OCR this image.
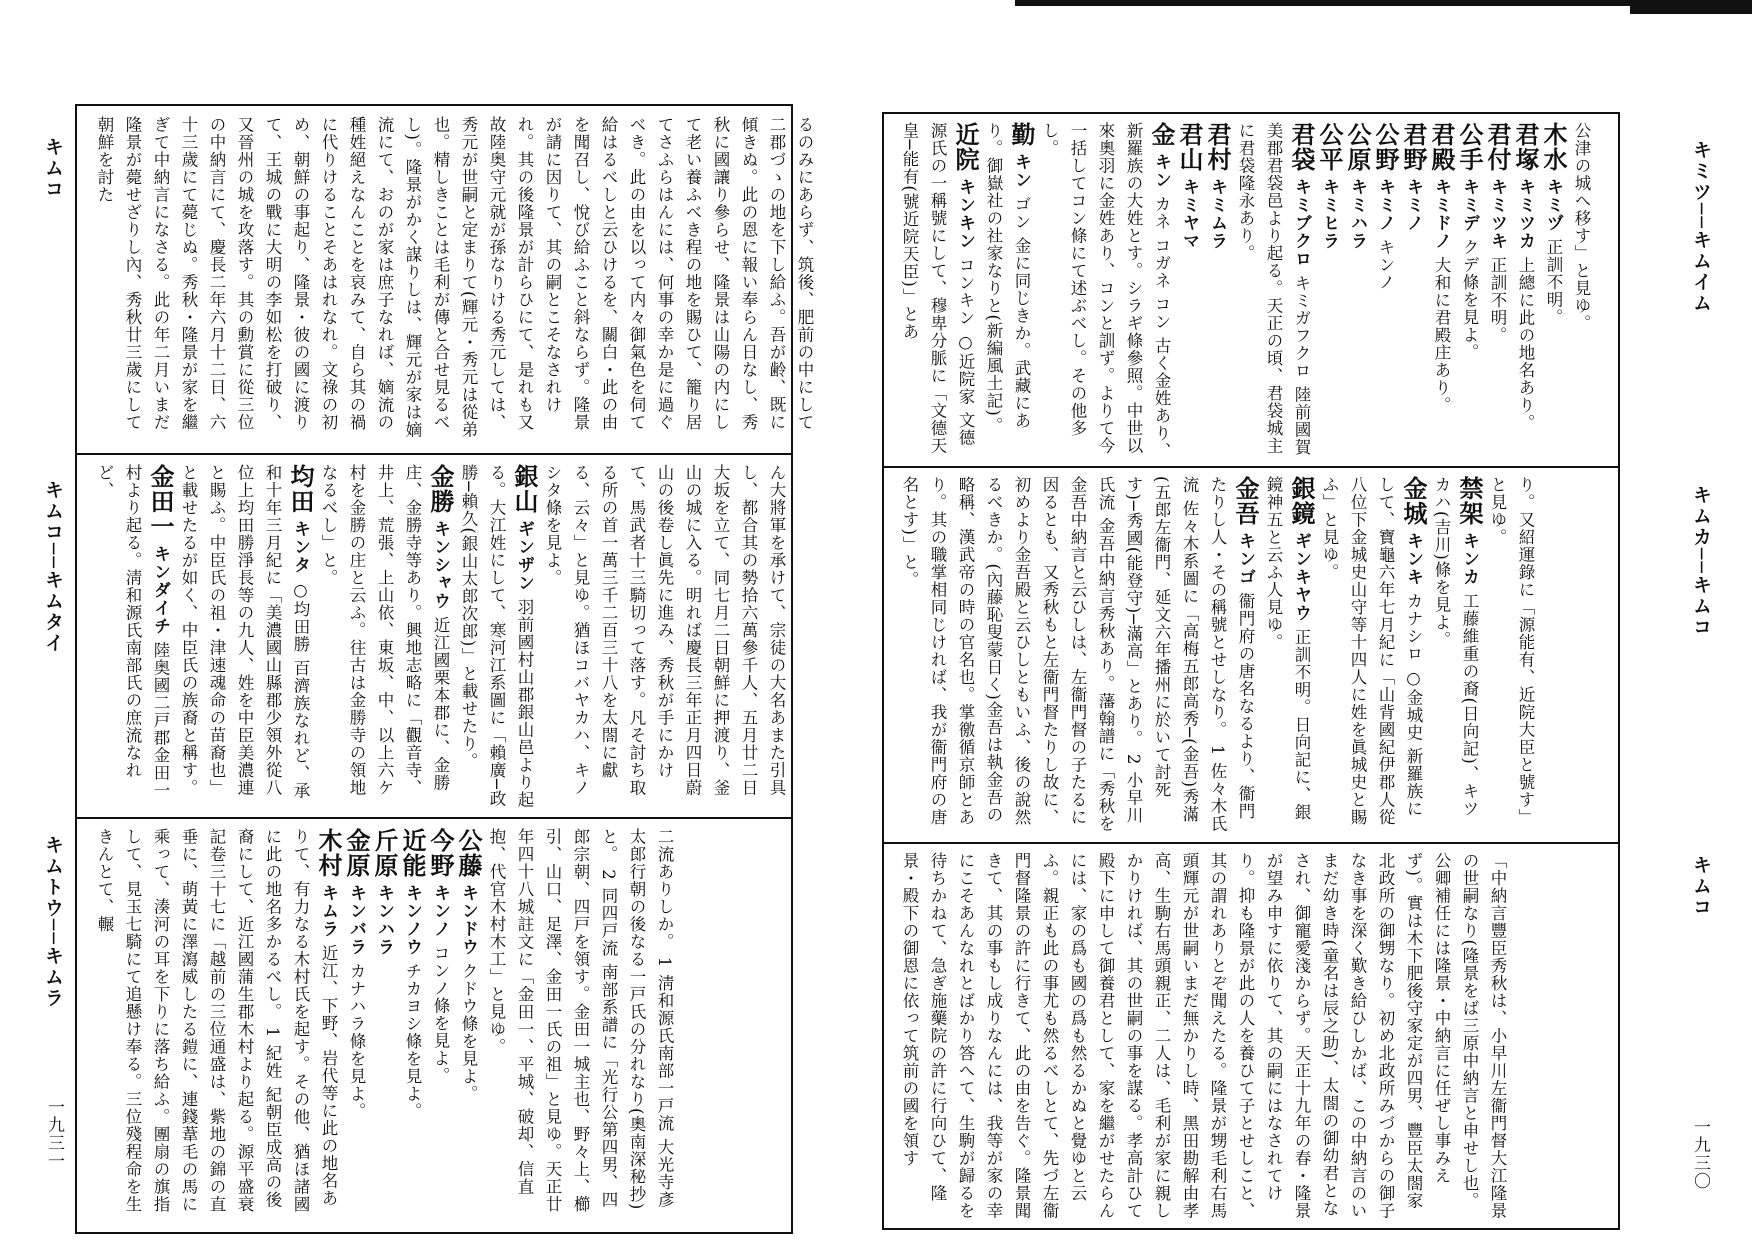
キムコ
キムコ──キムタイ
キムトウ──キムラ
一九三一
るのみにあらず、筑後、肥前の中にして二郡づゝの地を下し給ふ。吾が齢、既に傾きぬ。此の恩に報い奉らん日なし、秀秋に國讓り參らせ、隆景は山陽の内にして老い養ふべき程の地を賜ひて、籠り居てさふらはんには、何事の幸か是に過ぐべき。此の由を以って内々御氣色を伺て給はるべしと云ひけるを、關白・此の由を聞召し、悅び給ふこと斜ならず。隆景が請に因りて、其の嗣とこそなされけれ。其の後隆景が計らひにて、是れも又故陸奥守元就が孫なりける秀元しては、秀元が世嗣と定まりて(輝元・秀元は從弟也。精しきことは毛利が傳と合せ見るべし)。隆景がかく謀りしは、輝元が家は嫡流にて、おのが家は庶子なれば、嫡流の種姓絕えなんことを哀みて、自ら其の禍に代りけることそあはれなれ。文祿の初め、朝鮮の事起り、隆景・彼の國に渡りて、王城の戰に大明の李如松を打破り、又晉州の城を攻落す。其の勳賞に從三位の中納言にて、慶長二年六月十二日、六十三歲にて薨じぬ。秀秋・隆景が家を繼ぎて中納言になさる。此の年二月いまだ隆景が薨せざりし內、秀秋廿三歲にして朝鮮を討た

ん大將軍を承けて、宗徒の大名あまた引具し、都合其の勢拾六萬參千人、五月廿二日大坂を立て、同七月二日朝鮮に押渡り、釜山の城に入る。明れば慶長三年正月四日蔚山の後卷し眞先に進み、秀秋が手にかけて、馬武者十三騎切って落す。凡そ討ち取る所の首一萬三千二百三十八を太閤に獻る、云々」と見ゆ。猶ほコバヤカハ、キノシタ條を見よ。

銀山 ギンザン 羽前國村山郡銀山邑より起る。大江姓にして、寒河江系圖に「賴廣─政勝─賴久(銀山太郎次郎)」と載せたり。

金勝 キンシャウ 近江國栗本郡に、金勝庄、金勝寺等あり。興地志略に「觀音寺、井上、荒張、上山依、東坂、中、以上六ケ村を金勝の庄と云ふ。往古は金勝寺の領地なるべし」と。

均田 キンタ ○均田勝 百濟族なれど、承和十年三月紀に「美濃國山縣郡少領外從八位上均田勝淨長等の九人、姓を中臣美濃連と賜ふ。中臣氏の祖・津速魂命の苗裔也」と載せたるが如く、中臣氏の族裔と稱す。

金田一 キンダイチ 陸奥國二戸郡金田一村より起る。淸和源氏南部氏の庶流なれど、

二流ありしか。 1 淸和源氏南部一戸流 大光寺彥太郎行朝の後なる一戸氏の分れなり(奧南深秘抄)と。 2 同四戸流 南部系譜に「光行公第四男、四郎宗朝、四戸を領す。金田一城主也、野々上、櫛引、山口、足澤、金田一氏の祖」と見ゆ。天正廿年四十八城註文に「金田一、平城、破却、信直抱、代官木村木工」と見ゆ。

公藤 キンドウ クドウ條を見よ。

今野 キンノ コンノ條を見よ。

近能 キンノウ チカヨシ條を見よ。

斤原 キンハラ

金原 キンバラ カナハラ條を見よ。

木村 キムラ 近江、下野、岩代等に此の地名ありて、有力なる木村氏を起す。その他、猶ほ諸國に此の地名多かるべし。 1 紀姓 紀朝臣成高の後裔にして、近江國蒲生郡木村より起る。源平盛衰記卷三十七に「越前の三位通盛は、紫地の錦の直垂に、萌黃に澤瀉威したる鎧に、連錢葦毛の馬に乘って、湊河の耳を下りに落ち給ふ。團扇の旗指して、見玉七騎にて追懸け奉る。三位殘程命を生きんとて、輾

キミツ──キムイム
キムカ──キムコ
キムコ
一九三〇

公津の城へ移す」と見ゆ。

木水 キミヅ 正訓不明。

君塚 キミツカ 上總に此の地名あり。

君付 キミツキ 正訓不明。

公手 キミデ クデ條を見よ。

君殿 キミドノ 大和に君殿庄あり。

君野 キミノ

公野 キミノ キンノ

公原 キミハラ

公平 キミヒラ

君袋 キミブクロ キミガフクロ 陸前國賀美郡君袋邑より起る。天正の頃、君袋城主に君袋隆永あり。

君村 キミムラ

君山 キミヤマ

金 キン カネ コガネ コン 古く金姓あり、新羅族の大姓とす。シラギ條參照。中世以來奧羽に金姓あり、コンと訓ず。よりて今一括してコン條にて述ぶべし。その他多し。

勤 キン ゴン 金に同じきか。武藏にあり。御嶽社の社家なりと(新編風土記)。

近院 キンキン コンキン ○近院家 文德源氏の一稱號にして、穆卑分脈に「文德天皇─能有(號近院天臣)」とあ

り。又紹運錄に「源能有、近院大臣と號す」と見ゆ。

禁架 キンカ 工藤維重の裔(日向記)、キツカハ(吉川)條を見よ。

金城 キンキ カナシロ ○金城史 新羅族にして、寶龜六年七月紀に「山背國紀伊郡人從八位下金城史山守等十四人に姓を眞城史と賜ふ」と見ゆ。

銀鏡 ギンキヤウ 正訓不明。日向記に、銀鏡神五と云ふ人見ゆ。

金吾 キンゴ 衞門府の唐名なるより、衞門たりし人・その稱號とせしなり。 1 佐々木氏流 佐々木系圖に「高梅五郎高秀─(金吾)秀滿(五郎左衞門、延文六年播州に於いて討死す)─秀國(能登守)─滿高」とあり。 2 小早川氏流 金吾中納言秀秋あり。藩翰譜に「秀秋を金吾中納言と云ひしは、左衞門督の子たるに因るとも、又秀秋もと左衞門督たりし故に、初めより金吾殿と云ひしともいふ、後の說然るべきか。(內藤恥叟蒙日く)金吾は執金吾の略稱、漢武帝の時の官名也。掌徼循京師とあり。其の職掌相同じければ、我が衞門府の唐名とす)」と。

「中納言豐臣秀秋は、小早川左衞門督大江隆景の世嗣なり(隆景をば三原中納言と申せし也。公卿補任には隆景・中納言に任ぜし事みえず)。實は木下肥後守家定が四男、豐臣太閤家北政所の御甥なり。初め北政所みづからの御子なき事を深く歎き給ひしかば、この中納言のいまだ幼き時(童名は辰之助)、太閤の御幼君となされ、御寵愛淺からず。天正十九年の春・隆景が望み申すに依りて、其の嗣にはなされてけり。抑も隆景が此の人を養ひて子とせしこと、其の謂れありとぞ聞えたる。隆景が甥毛利右馬頭輝元が世嗣いまだ無かりし時、黑田勘解由孝高、生駒右馬頭親正、二人は、毛利が家に親しかりければ、其の世嗣の事を謀る。孝高計ひて殿下に申して御養君として、家を繼がせたらんには、家の爲も國の爲も然るかぬと覺ゆと云ふ。親正も此の事尤も然るべしとて、先づ左衞門督隆景の許に行きて、此の由を告ぐ。隆景聞きて、其の事もし成りなんには、我等が家の幸にこそあんなれとばかり答へて、生駒が歸るを待ちかねて、急ぎ施藥院の許に行向ひて、隆景・殿下の御恩に依って筑前の國を領す
